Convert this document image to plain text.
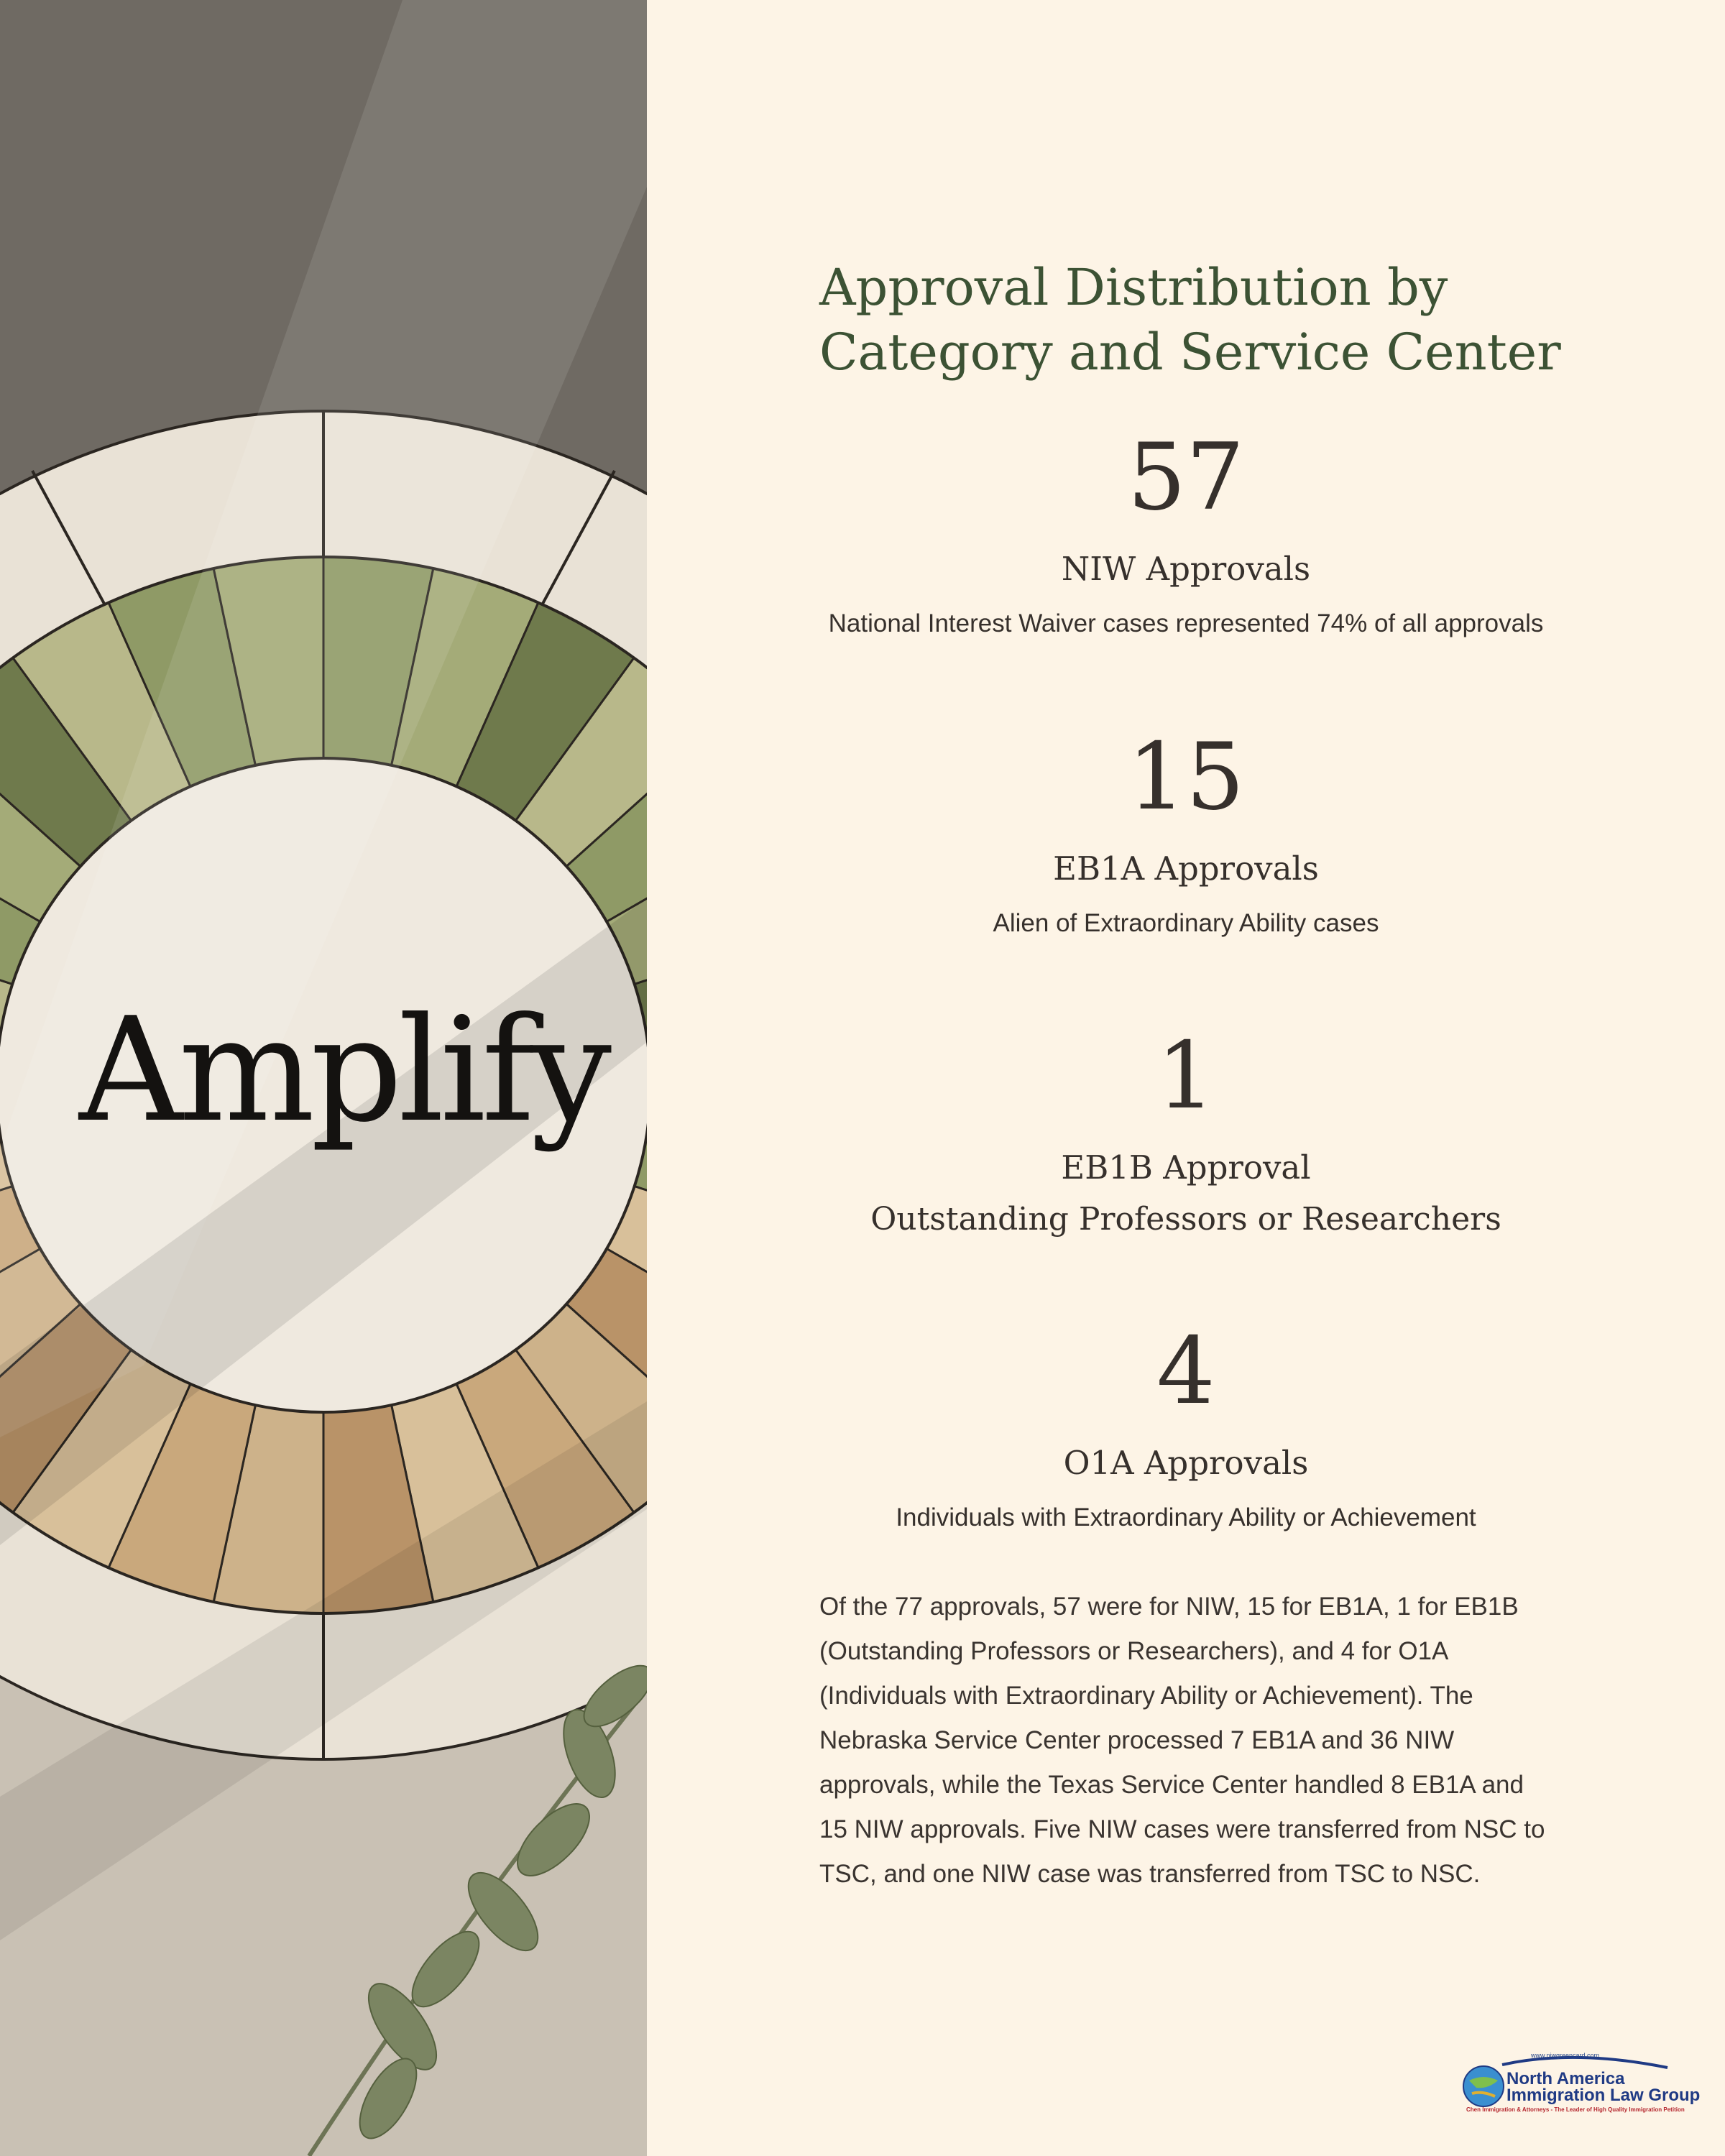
Amplify
Approval Distribution by
Category and Service Center
57
NIW Approvals
National Interest Waiver cases represented 74% of all approvals
15
EB1A Approvals
Alien of Extraordinary Ability cases
1
EB1B Approval
Outstanding Professors or Researchers
4
O1A Approvals
Individuals with Extraordinary Ability or Achievement

Of the 77 approvals, 57 were for NIW, 15 for EB1A, 1 for EB1B (Outstanding Professors or Researchers), and 4 for O1A (Individuals with Extraordinary Ability or Achievement). The Nebraska Service Center processed 7 EB1A and 36 NIW approvals, while the Texas Service Center handled 8 EB1A and 15 NIW approvals. Five NIW cases were transferred from NSC to TSC, and one NIW case was transferred from TSC to NSC.

www.niwgreencard.com
North America
Immigration Law Group
Chen Immigration & Attorneys - The Leader of High Quality Immigration Petition
